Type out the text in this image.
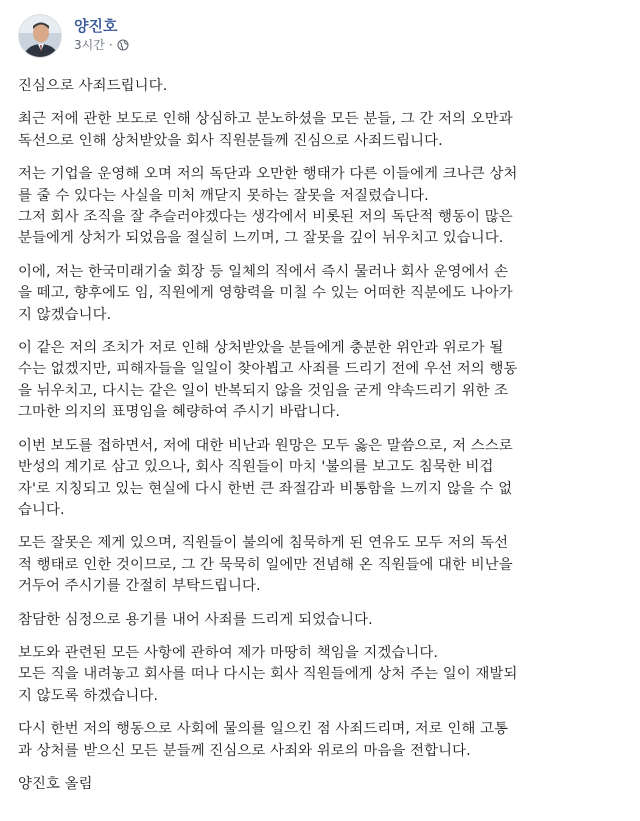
양진호
3시간 ·

진심으로 사죄드립니다.

최근 저에 관한 보도로 인해 상심하고 분노하셨을 모든 분들, 그 간 저의 오만과
독선으로 인해 상처받았을 회사 직원분들께 진심으로 사죄드립니다.

저는 기업을 운영해 오며 저의 독단과 오만한 행태가 다른 이들에게 크나큰 상처
를 줄 수 있다는 사실을 미처 깨닫지 못하는 잘못을 저질렀습니다.
그저 회사 조직을 잘 추슬러야겠다는 생각에서 비롯된 저의 독단적 행동이 많은
분들에게 상처가 되었음을 절실히 느끼며, 그 잘못을 깊이 뉘우치고 있습니다.

이에, 저는 한국미래기술 회장 등 일체의 직에서 즉시 물러나 회사 운영에서 손
을 떼고, 향후에도 임, 직원에게 영향력을 미칠 수 있는 어떠한 직분에도 나아가
지 않겠습니다.

이 같은 저의 조치가 저로 인해 상처받았을 분들에게 충분한 위안과 위로가 될
수는 없겠지만, 피해자들을 일일이 찾아뵙고 사죄를 드리기 전에 우선 저의 행동
을 뉘우치고, 다시는 같은 일이 반복되지 않을 것임을 굳게 약속드리기 위한 조
그마한 의지의 표명임을 혜량하여 주시기 바랍니다.

이번 보도를 접하면서, 저에 대한 비난과 원망은 모두 옳은 말씀으로, 저 스스로
반성의 계기로 삼고 있으나, 회사 직원들이 마치 '불의를 보고도 침묵한 비겁
자'로 지칭되고 있는 현실에 다시 한번 큰 좌절감과 비통함을 느끼지 않을 수 없
습니다.

모든 잘못은 제게 있으며, 직원들이 불의에 침묵하게 된 연유도 모두 저의 독선
적 행태로 인한 것이므로, 그 간 묵묵히 일에만 전념해 온 직원들에 대한 비난을
거두어 주시기를 간절히 부탁드립니다.

참담한 심정으로 용기를 내어 사죄를 드리게 되었습니다.

보도와 관련된 모든 사항에 관하여 제가 마땅히 책임을 지겠습니다.
모든 직을 내려놓고 회사를 떠나 다시는 회사 직원들에게 상처 주는 일이 재발되
지 않도록 하겠습니다.

다시 한번 저의 행동으로 사회에 물의를 일으킨 점 사죄드리며, 저로 인해 고통
과 상처를 받으신 모든 분들께 진심으로 사죄와 위로의 마음을 전합니다.

양진호 올림
